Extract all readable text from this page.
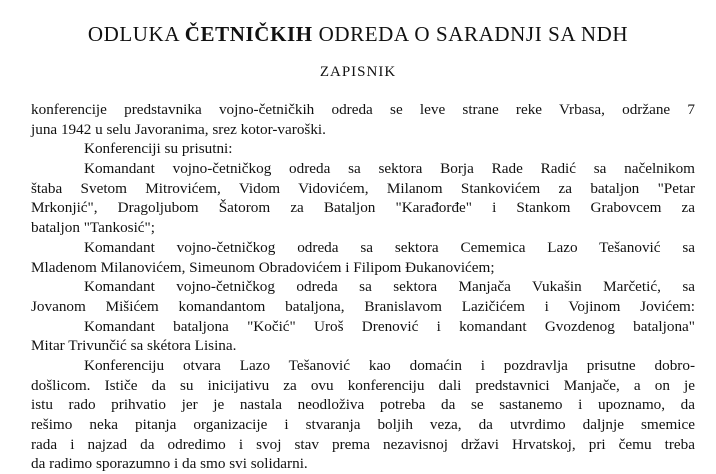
ODLUKA ČETNIČKIH ODREDA O SARADNJI SA NDH
ZAPISNIK
konferencije predstavnika vojno-četničkih odreda se leve strane reke Vrbasa, održane 7
juna 1942 u selu Javoranima, srez kotor-varoški.
Konferenciji su prisutni:
Komandant vojno-četničkog odreda sa sektora Borja Rade Radić sa načelnikom
štaba Svetom Mitrovićem, Vidom Vidovićem, Milanom Stankovićem za bataljon "Petar
Mrkonjić", Dragoljubom Šatorom za Bataljon "Karađorđe" i Stankom Grabovcem za
bataljon "Tankosić";
Komandant vojno-četničkog odreda sa sektora Cememica Lazo Tešanović sa
Mladenom Milanovićem, Simeunom Obradovićem i Filipom Đukanovićem;
Komandant vojno-četničkog odreda sa sektora Manjača Vukašin Marčetić, sa
Jovanom Mišićem komandantom bataljona, Branislavom Lazičićem i Vojinom Jovićem:
Komandant bataljona "Kočić" Uroš Drenović i komandant Gvozdenog bataljona"
Mitar Trivunčić sa skétora Lisina.
Konferenciju otvara Lazo Tešanović kao domaćin i pozdravlja prisutne dobro-
došlicom. Ističe da su inicijativu za ovu konferenciju dali predstavnici Manjače, a on je
istu rado prihvatio jer je nastala neodloživa potreba da se sastanemo i upoznamo, da
rešimo neka pitanja organizacije i stvaranja boljih veza, da utvrdimo daljnje smemice
rada i najzad da odredimo i svoj stav prema nezavisnoj državi Hrvatskoj, pri čemu treba
da radimo sporazumno i da smo svi solidarni.
